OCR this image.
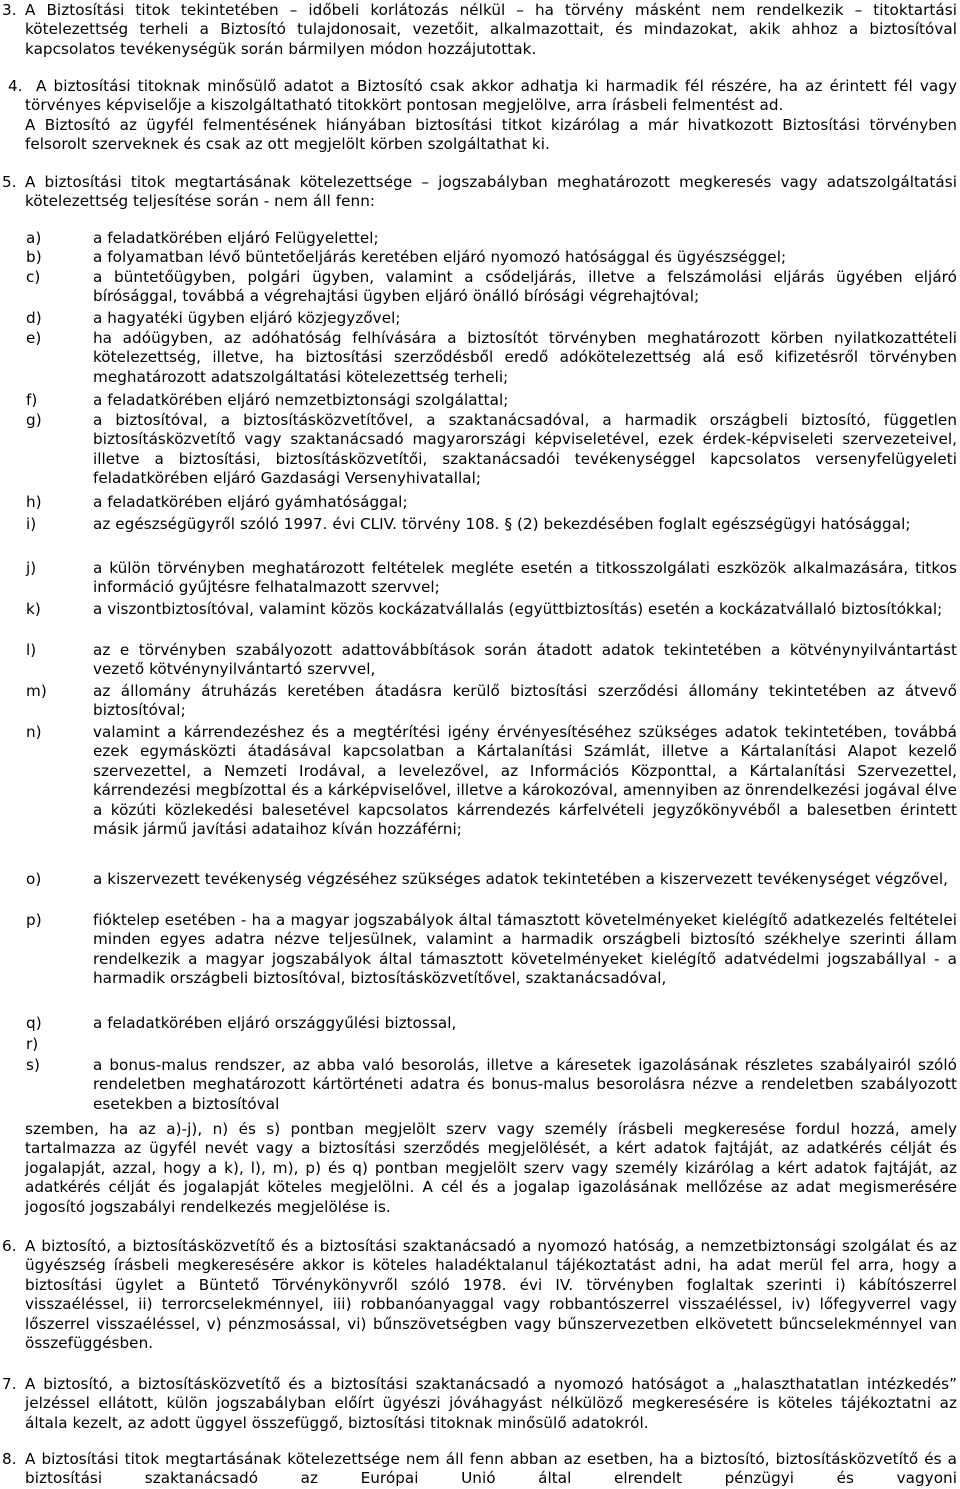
3. A Biztosítási titok tekintetében – időbeli korlátozás nélkül – ha törvény másként nem rendelkezik – titoktartási kötelezettség terheli a Biztosító tulajdonosait, vezetőit, alkalmazottait, és mindazokat, akik ahhoz a biztosítóval kapcsolatos tevékenységük során bármilyen módon hozzájutottak.

4. A biztosítási titoknak minősülő adatot a Biztosító csak akkor adhatja ki harmadik fél részére, ha az érintett fél vagy törvényes képviselője a kiszolgáltatható titokkört pontosan megjelölve, arra írásbeli felmentést ad.

A Biztosító az ügyfél felmentésének hiányában biztosítási titkot kizárólag a már hivatkozott Biztosítási törvényben felsorolt szerveknek és csak az ott megjelölt körben szolgáltathat ki.

5. A biztosítási titok megtartásának kötelezettsége – jogszabályban meghatározott megkeresés vagy adatszolgáltatási kötelezettség teljesítése során - nem áll fenn:

a)	a feladatkörében eljáró Felügyelettel;

b)	a folyamatban lévő büntetőeljárás keretében eljáró nyomozó hatósággal és ügyészséggel;

c)	a büntetőügyben, polgári ügyben, valamint a csődeljárás, illetve a felszámolási eljárás ügyében eljáró bírósággal, továbbá a végrehajtási ügyben eljáró önálló bírósági végrehajtóval;

d)	a hagyatéki ügyben eljáró közjegyzővel;

e)	ha adóügyben, az adóhatóság felhívására a biztosítót törvényben meghatározott körben nyilatkozattételi kötelezettség, illetve, ha biztosítási szerződésből eredő adókötelezettség alá eső kifizetésről törvényben meghatározott adatszolgáltatási kötelezettség terheli;

f)	a feladatkörében eljáró nemzetbiztonsági szolgálattal;

g)	a biztosítóval, a biztosításközvetítővel, a szaktanácsadóval, a harmadik országbeli biztosító, független biztosításközvetítő vagy szaktanácsadó magyarországi képviseletével, ezek érdek-képviseleti szervezeteivel, illetve a biztosítási, biztosításközvetítői, szaktanácsadói tevékenységgel kapcsolatos versenyfelügyeleti feladatkörében eljáró Gazdasági Versenyhivatallal;

h)	a feladatkörében eljáró gyámhatósággal;

i)	az egészségügyről szóló 1997. évi CLIV. törvény 108. § (2) bekezdésében foglalt egészségügyi hatósággal;

j)	a külön törvényben meghatározott feltételek megléte esetén a titkosszolgálati eszközök alkalmazására, titkos információ gyűjtésre felhatalmazott szervvel;

k)	a viszontbiztosítóval, valamint közös kockázatvállalás (együttbiztosítás) esetén a kockázatvállaló biztosítókkal;

l)	az e törvényben szabályozott adattovábbítások során átadott adatok tekintetében a kötvénynyilvántartást vezető kötvénynyilvántartó szervvel,

m)	az állomány átruházás keretében átadásra kerülő biztosítási szerződési állomány tekintetében az átvevő biztosítóval;

n)	valamint a kárrendezéshez és a megtérítési igény érvényesítéséhez szükséges adatok tekintetében, továbbá ezek egymásközti átadásával kapcsolatban a Kártalanítási Számlát, illetve a Kártalanítási Alapot kezelő szervezettel, a Nemzeti Irodával, a levelezővel, az Információs Központtal, a Kártalanítási Szervezettel, kárrendezési megbízottal és a kárképviselővel, illetve a károkozóval, amennyiben az önrendelkezési jogával élve a közúti közlekedési balesetével kapcsolatos kárrendezés kárfelvételi jegyzőkönyvéből a balesetben érintett másik jármű javítási adataihoz kíván hozzáférni;

o)	a kiszervezett tevékenység végzéséhez szükséges adatok tekintetében a kiszervezett tevékenységet végzővel,

p)	fióktelep esetében - ha a magyar jogszabályok által támasztott követelményeket kielégítő adatkezelés feltételei minden egyes adatra nézve teljesülnek, valamint a harmadik országbeli biztosító székhelye szerinti állam rendelkezik a magyar jogszabályok által támasztott követelményeket kielégítő adatvédelmi jogszabállyal - a harmadik országbeli biztosítóval, biztosításközvetítővel, szaktanácsadóval,

q)	a feladatkörében eljáró országgyűlési biztossal,

r)

s)	a bonus-malus rendszer, az abba való besorolás, illetve a káresetek igazolásának részletes szabályairól szóló rendeletben meghatározott kártörténeti adatra és bonus-malus besorolásra nézve a rendeletben szabályozott esetekben a biztosítóval

szemben, ha az a)-j), n) és s) pontban megjelölt szerv vagy személy írásbeli megkeresése fordul hozzá, amely tartalmazza az ügyfél nevét vagy a biztosítási szerződés megjelölését, a kért adatok fajtáját, az adatkérés célját és jogalapját, azzal, hogy a k), l), m), p) és q) pontban megjelölt szerv vagy személy kizárólag a kért adatok fajtáját, az adatkérés célját és jogalapját köteles megjelölni. A cél és a jogalap igazolásának mellőzése az adat megismerésére jogosító jogszabályi rendelkezés megjelölése is.

6. A biztosító, a biztosításközvetítő és a biztosítási szaktanácsadó a nyomozó hatóság, a nemzetbiztonsági szolgálat és az ügyészség írásbeli megkeresésére akkor is köteles haladéktalanul tájékoztatást adni, ha adat merül fel arra, hogy a biztosítási ügylet a Büntető Törvénykönyvről szóló 1978. évi IV. törvényben foglaltak szerinti i) kábítószerrel visszaéléssel, ii) terrorcselekménnyel, iii) robbanóanyaggal vagy robbantószerrel visszaéléssel, iv) lőfegyverrel vagy lőszerrel visszaéléssel, v) pénzmosással, vi) bűnszövetségben vagy bűnszervezetben elkövetett bűncselekménnyel van összefüggésben.

7. A biztosító, a biztosításközvetítő és a biztosítási szaktanácsadó a nyomozó hatóságot a „halaszthatatlan intézkedés” jelzéssel ellátott, külön jogszabályban előírt ügyészi jóváhagyást nélkülöző megkeresésére is köteles tájékoztatni az általa kezelt, az adott üggyel összefüggő, biztosítási titoknak minősülő adatokról.

8. A biztosítási titok megtartásának kötelezettsége nem áll fenn abban az esetben, ha a biztosító, biztosításközvetítő és a biztosítási szaktanácsadó az Európai Unió által elrendelt pénzügyi és vagyoni
